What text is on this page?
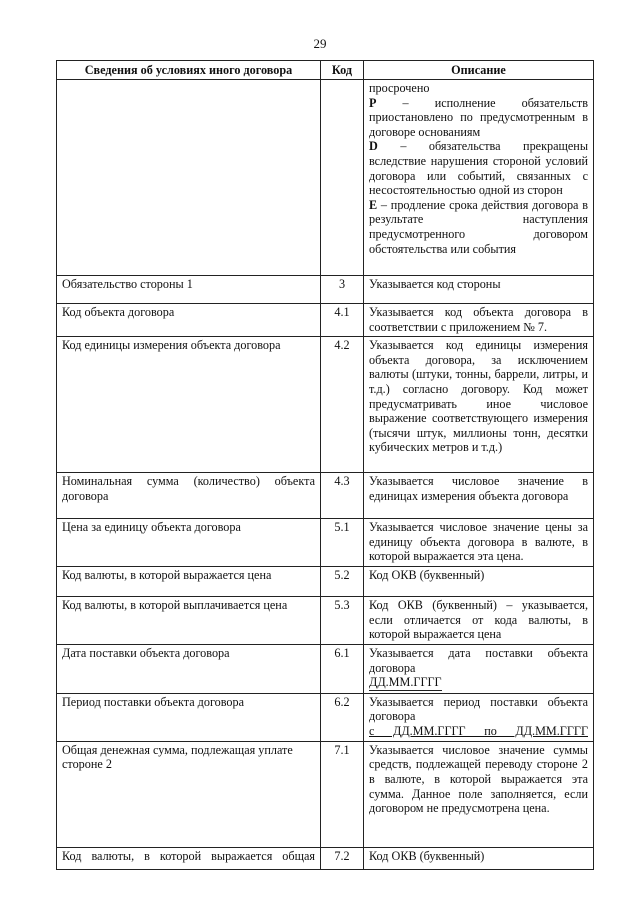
29
Сведения об условиях иного договора	Код	Описание

		просрочено
P – исполнение обязательств приостановлено по предусмотренным в договоре основаниям
D – обязательства прекращены вследствие нарушения стороной условий договора или событий, связанных с несостоятельностью одной из сторон
E – продление срока действия договора в результате наступления предусмотренного договором обстоятельства или события

Обязательство стороны 1	3	Указывается код стороны
Код объекта договора	4.1	Указывается код объекта договора в соответствии с приложением № 7.
Код единицы измерения объекта договора	4.2	Указывается код единицы измерения объекта договора, за исключением валюты (штуки, тонны, баррели, литры, и т.д.) согласно договору. Код может предусматривать иное числовое выражение соответствующего измерения (тысячи штук, миллионы тонн, десятки кубических метров и т.д.)
Номинальная сумма (количество) объекта договора	4.3	Указывается числовое значение в единицах измерения объекта договора
Цена за единицу объекта договора	5.1	Указывается числовое значение цены за единицу объекта договора в валюте, в которой выражается эта цена.
Код валюты, в которой выражается цена	5.2	Код ОКВ (буквенный)
Код валюты, в которой выплачивается цена	5.3	Код ОКВ (буквенный) – указывается, если отличается от кода валюты, в которой выражается цена
Дата поставки объекта договора	6.1	Указывается дата поставки объекта договора
ДД.ММ.ГГГГ

Период поставки объекта договора	6.2	Указывается период поставки объекта договора
с ДД.ММ.ГГГГ по ДД.ММ.ГГГГ

Общая денежная сумма, подлежащая уплате стороне 2	7.1	Указывается числовое значение суммы средств, подлежащей переводу стороне 2 в валюте, в которой выражается эта сумма. Данное поле заполняется, если договором не предусмотрена цена.
Код валюты, в которой выражается общая	7.2	Код ОКВ (буквенный)
